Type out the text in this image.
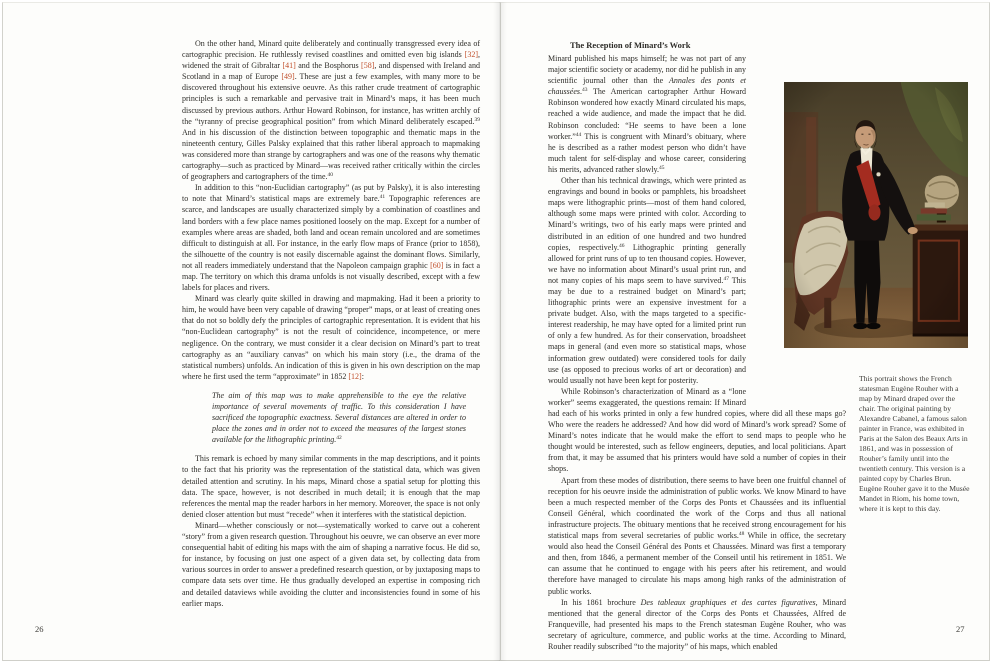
On the other hand, Minard quite deliberately and continually transgressed every idea of cartographic precision. He ruthlessly revised coastlines and omitted even big islands [32], widened the strait of Gibraltar [41] and the Bosphorus [58], and dispensed with Ireland and Scotland in a map of Europe [49]. These are just a few examples, with many more to be discovered throughout his extensive oeuvre. As this rather crude treatment of cartographic principles is such a remarkable and pervasive trait in Minard’s maps, it has been much discussed by previous authors. Arthur Howard Robinson, for instance, has written archly of the “tyranny of precise geographical position” from which Minard deliberately escaped.$^{39}$ And in his discussion of the distinction between topographic and thematic maps in the nineteenth century, Gilles Palsky explained that this rather liberal approach to mapmaking was considered more than strange by cartographers and was one of the reasons why thematic cartography—such as practiced by Minard—was received rather critically within the circles of geographers and cartographers of the time.$^{40}$

In addition to this “non-Euclidian cartography” (as put by Palsky), it is also interesting to note that Minard’s statistical maps are extremely bare.$^{41}$ Topographic references are scarce, and landscapes are usually characterized simply by a combination of coastlines and land borders with a few place names positioned loosely on the map. Except for a number of examples where areas are shaded, both land and ocean remain uncolored and are sometimes difficult to distinguish at all. For instance, in the early flow maps of France (prior to 1858), the silhouette of the country is not easily discernable against the dominant flows. Similarly, not all readers immediately understand that the Napoleon campaign graphic [60] is in fact a map. The territory on which this drama unfolds is not visually described, except with a few labels for places and rivers.

Minard was clearly quite skilled in drawing and mapmaking. Had it been a priority to him, he would have been very capable of drawing “proper” maps, or at least of creating ones that do not so boldly defy the principles of cartographic representation. It is evident that his “non-Euclidean cartography” is not the result of coincidence, incompetence, or mere negligence. On the contrary, we must consider it a clear decision on Minard’s part to treat cartography as an “auxiliary canvas” on which his main story (i.e., the drama of the statistical numbers) unfolds. An indication of this is given in his own description on the map where he first used the term “approximate” in 1852 [12]:

The aim of this map was to make apprehensible to the eye the relative importance of several movements of traffic. To this consideration I have sacrificed the topographic exactness. Several distances are altered in order to place the zones and in order not to exceed the measures of the largest stones available for the lithographic printing.$^{42}$

This remark is echoed by many similar comments in the map descriptions, and it points to the fact that his priority was the representation of the statistical data, which was given detailed attention and scrutiny. In his maps, Minard chose a spatial setup for plotting this data. The space, however, is not described in much detail; it is enough that the map references the mental map the reader harbors in her memory. Moreover, the space is not only denied closer attention but must “recede” when it interferes with the statistical depiction.

Minard—whether consciously or not—systematically worked to carve out a coherent “story” from a given research question. Throughout his oeuvre, we can observe an ever more consequential habit of editing his maps with the aim of shaping a narrative focus. He did so, for instance, by focusing on just one aspect of a given data set, by collecting data from various sources in order to answer a predefined research question, or by juxtaposing maps to compare data sets over time. He thus gradually developed an expertise in composing rich and detailed dataviews while avoiding the clutter and inconsistencies found in some of his earlier maps.

26
The Reception of Minard’s Work

Minard published his maps himself; he was not part of any major scientific society or academy, nor did he publish in any scientific journal other than the Annales des ponts et chaussées.$^{43}$ The American cartographer Arthur Howard Robinson wondered how exactly Minard circulated his maps, reached a wide audience, and made the impact that he did. Robinson concluded: “He seems to have been a lone worker.”$^{44}$ This is congruent with Minard’s obituary, where he is described as a rather modest person who didn’t have much talent for self-display and whose career, considering his merits, advanced rather slowly.$^{45}$

Other than his technical drawings, which were printed as engravings and bound in books or pamphlets, his broadsheet maps were lithographic prints—most of them hand colored, although some maps were printed with color. According to Minard’s writings, two of his early maps were printed and distributed in an edition of one hundred and two hundred copies, respectively.$^{46}$ Lithographic printing generally allowed for print runs of up to ten thousand copies. However, we have no information about Minard’s usual print run, and not many copies of his maps seem to have survived.$^{47}$ This may be due to a restrained budget on Minard’s part; lithographic prints were an expensive investment for a private budget. Also, with the maps targeted to a specific-interest readership, he may have opted for a limited print run of only a few hundred. As for their conservation, broadsheet maps in general (and even more so statistical maps, whose information grew outdated) were considered tools for daily use (as opposed to precious works of art or decoration) and would usually not have been kept for posterity.

While Robinson’s characterization of Minard as a “lone worker” seems exaggerated, the questions remain: If Minard had each of his works printed in only a few hundred copies, where did all these maps go? Who were the readers he addressed? And how did word of Minard’s work spread? Some of Minard’s notes indicate that he would make the effort to send maps to people who he thought would be interested, such as fellow engineers, deputies, and local politicians. Apart from that, it may be assumed that his printers would have sold a number of copies in their shops.

Apart from these modes of distribution, there seems to have been one fruitful channel of reception for his oeuvre inside the administration of public works. We know Minard to have been a much respected member of the Corps des Ponts et Chaussées and its influential Conseil Général, which coordinated the work of the Corps and thus all national infrastructure projects. The obituary mentions that he received strong encouragement for his statistical maps from several secretaries of public works.$^{48}$ While in office, the secretary would also head the Conseil Général des Ponts et Chaussées. Minard was first a temporary and then, from 1846, a permanent member of the Conseil until his retirement in 1851. We can assume that he continued to engage with his peers after his retirement, and would therefore have managed to circulate his maps among high ranks of the administration of public works.

In his 1861 brochure Des tableaux graphiques et des cartes figuratives, Minard mentioned that the general director of the Corps des Ponts et Chaussées, Alfred de Franqueville, had presented his maps to the French statesman Eugène Rouher, who was secretary of agriculture, commerce, and public works at the time. According to Minard, Rouher readily subscribed “to the majority” of his maps, which enabled

This portrait shows the French statesman Eugène Rouher with a map by Minard draped over the chair. The original painting by Alexandre Cabanel, a famous salon painter in France, was exhibited in Paris at the Salon des Beaux Arts in 1861, and was in possession of Rouher’s family until into the twentieth century. This version is a painted copy by Charles Brun. Eugène Rouher gave it to the Musée Mandet in Riom, his home town, where it is kept to this day.
27
